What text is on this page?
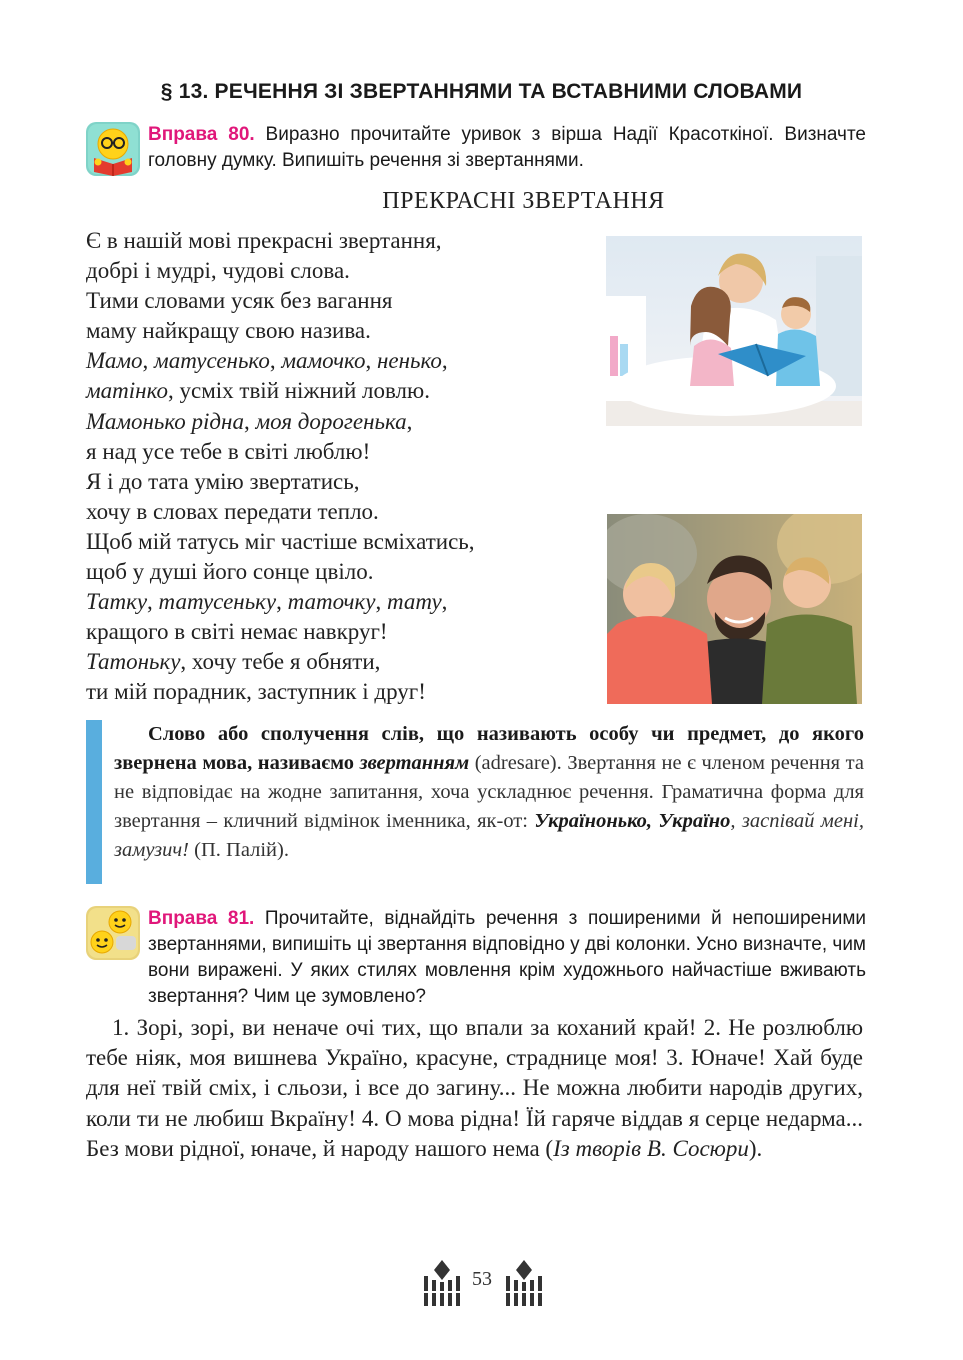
§ 13. РЕЧЕННЯ ЗІ ЗВЕРТАННЯМИ ТА ВСТАВНИМИ СЛОВАМИ
Вправа 80. Виразно прочитайте уривок з вірша Надії Красоткіної. Визначте головну думку. Випишіть речення зі звертаннями.
ПРЕКРАСНІ ЗВЕРТАННЯ
Є в нашій мові прекрасні звертання,
добрі і мудрі, чудові слова.
Тими словами усяк без вагання
маму найкращу свою назива.
Мамо, матусенько, мамочко, ненько,
матінко, усміх твій ніжний ловлю.
Мамонько рідна, моя дорогенька,
я над усе тебе в світі люблю!
Я і до тата умію звертатись,
хочу в словах передати тепло.
Щоб мій татусь міг частіше всміхатись,
щоб у душі його сонце цвіло.
Татку, татусеньку, таточку, тату,
кращого в світі немає навкруг!
Татоньку, хочу тебе я обняти,
ти мій порадник, заступник і друг!
Слово або сполучення слів, що називають особу чи предмет, до якого звернена мова, називаємо звертанням (adresare). Звертання не є членом речення та не відповідає на жодне запитання, хоча ускладнює речення. Граматична форма для звертання – кличний відмінок іменника, як-от: Українонько, Україно, заспівай мені, замузич! (П. Палій).
Вправа 81. Прочитайте, віднайдіть речення з поширеними й непоширеними звертаннями, випишіть ці звертання відповідно у дві колонки. Усно визначте, чим вони виражені. У яких стилях мовлення крім художнього найчастіше вживають звертання? Чим це зумовлено?

1. Зорі, зорі, ви неначе очі тих, що впали за коханий край! 2. Не розлюблю тебе ніяк, моя вишнева Україно, красуне, страднице моя! 3. Юначе! Хай буде для неї твій сміх, і сльози, і все до загину... Не можна любити народів других, коли ти не любиш Вкраїну! 4. О мова рідна! Їй гаряче віддав я серце недарма... Без мови рідної, юначе, й народу нашого нема (Із творів В. Сосюри).

53
